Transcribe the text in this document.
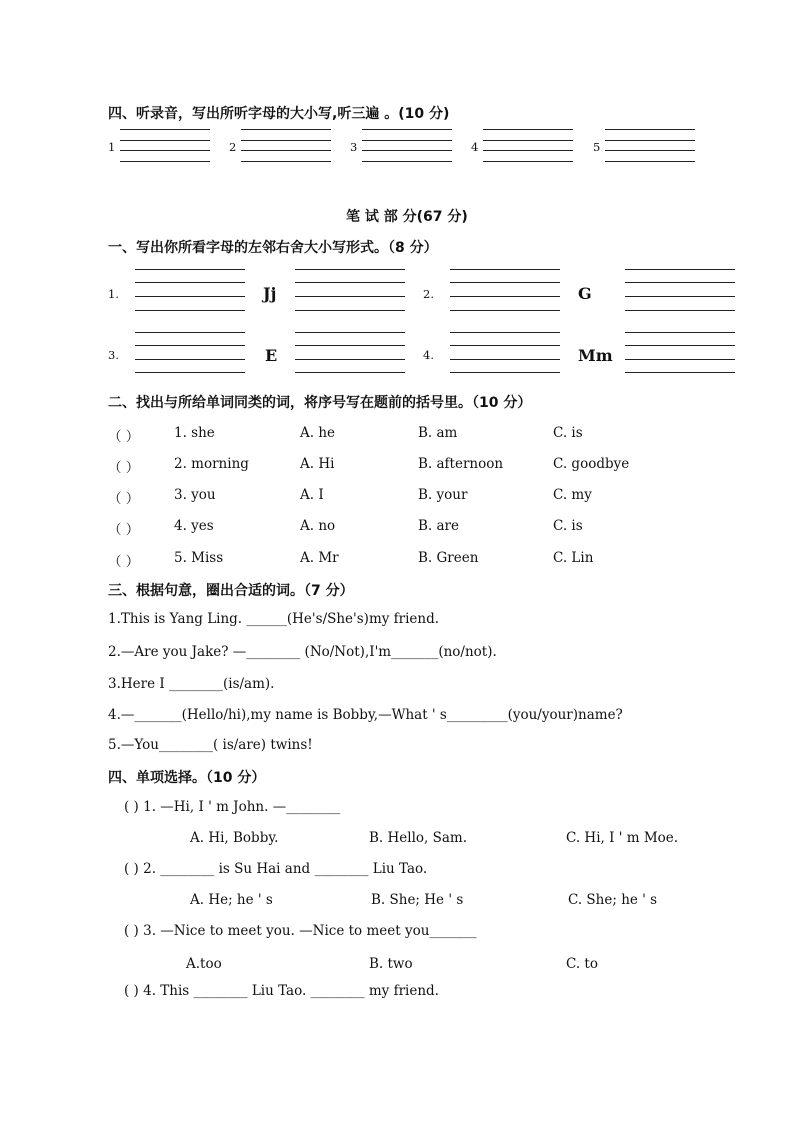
四、听录音，写出所听字母的大小写,听三遍 。(10 分)
1	2	3	4	5
笔 试 部 分(67 分)
一、写出你所看字母的左邻右舍大小写形式。（8 分）
1.	Jj	2.	G
3.	E	4.	Mm
二、找出与所给单词同类的词，将序号写在题前的括号里。（10 分）
（ ）	1. she	A. he	B. am	C. is
（ ）	2. morning	A. Hi	B. afternoon	C. goodbye
（ ）	3. you	A. I	B. your	C. my
（ ）	4. yes	A. no	B. are	C. is
（ ）	5. Miss	A. Mr	B. Green	C. Lin
三、根据句意，圈出合适的词。（7 分）
1.This is Yang Ling. ______(He's/She's)my friend.
2.—Are you Jake? —________ (No/Not),I'm_______(no/not).
3.Here I ________(is/am).
4.—_______(Hello/hi),my name is Bobby,—What ' s_________(you/your)name?
5.—You________( is/are) twins!
四、单项选择。（10 分）
( ) 1. —Hi, I ' m John. —________
A. Hi, Bobby.	B. Hello, Sam.	C. Hi, I ' m Moe.
( ) 2. ________ is Su Hai and ________ Liu Tao.
A. He; he ' s	B. She; He ' s	C. She; he ' s
( ) 3. —Nice to meet you. —Nice to meet you_______
A.too	B. two	C. to
( ) 4. This ________ Liu Tao. ________ my friend.
